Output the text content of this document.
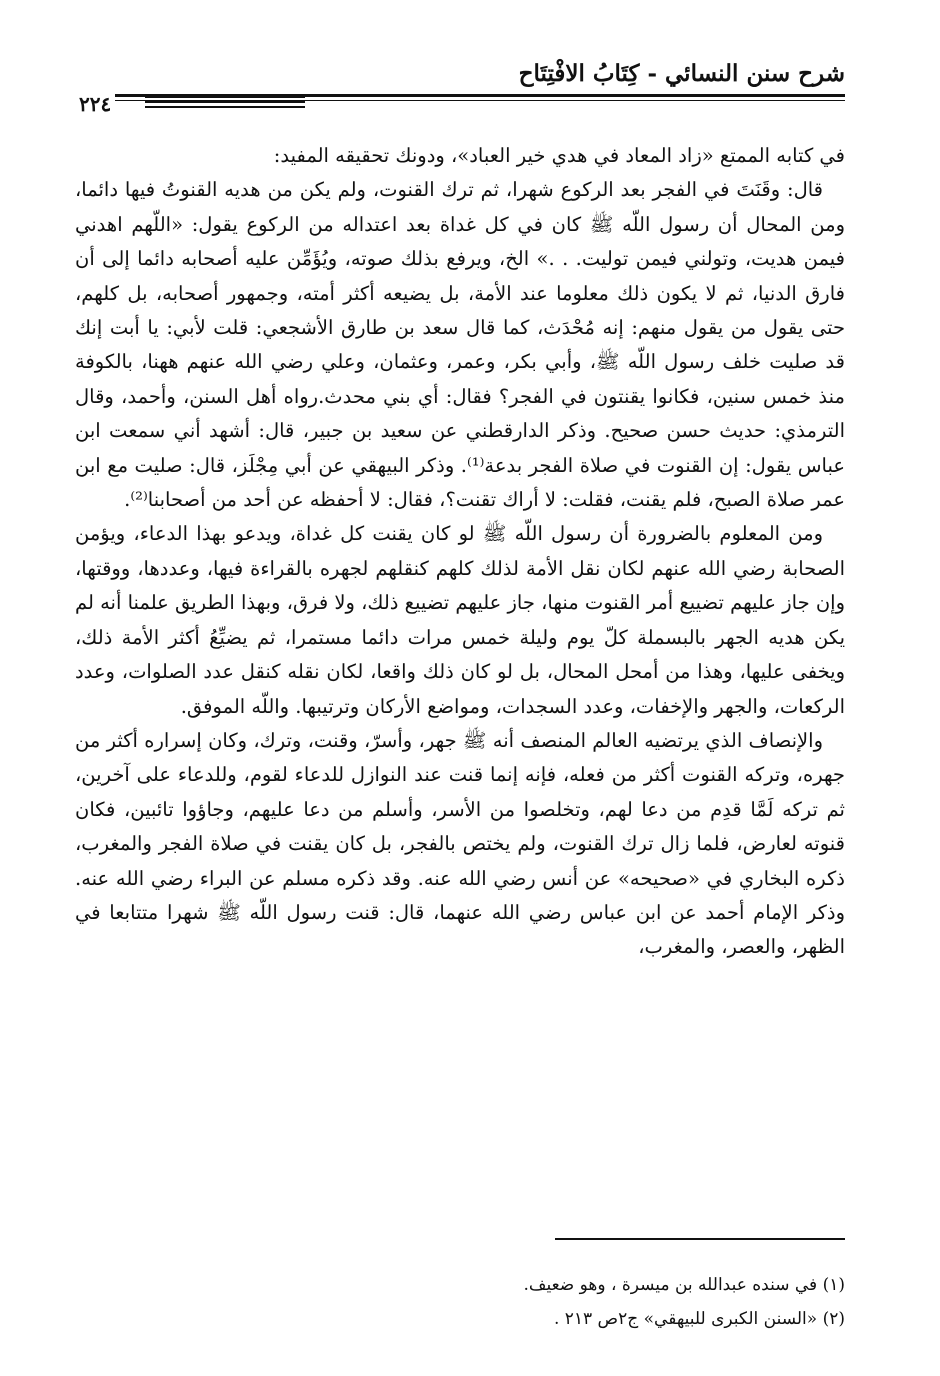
شرح سنن النسائي - كِتَابُ الافْتِتَاح
٢٢٤

في كتابه الممتع «زاد المعاد في هدي خير العباد»، ودونك تحقيقه المفيد:

قال: وقَنَتَ في الفجر بعد الركوع شهرا، ثم ترك القنوت، ولم يكن من هديه القنوتُ فيها دائما، ومن المحال أن رسول اللّه ﷺ كان في كل غداة بعد اعتداله من الركوع يقول: «اللّهم اهدني فيمن هديت، وتولني فيمن توليت. . .» الخ، ويرفع بذلك صوته، ويُؤَمِّن عليه أصحابه دائما إلى أن فارق الدنيا، ثم لا يكون ذلك معلوما عند الأمة، بل يضيعه أكثر أمته، وجمهور أصحابه، بل كلهم، حتى يقول من يقول منهم: إنه مُحْدَث، كما قال سعد بن طارق الأشجعي: قلت لأبي: يا أبت إنك قد صليت خلف رسول اللّه ﷺ، وأبي بكر، وعمر، وعثمان، وعلي رضي الله عنهم ههنا، بالكوفة منذ خمس سنين، فكانوا يقنتون في الفجر؟ فقال: أي بني محدث.رواه أهل السنن، وأحمد، وقال الترمذي: حديث حسن صحيح. وذكر الدارقطني عن سعيد بن جبير، قال: أشهد أني سمعت ابن عباس يقول: إن القنوت في صلاة الفجر بدعة⁽¹⁾. وذكر البيهقي عن أبي مِجْلَز، قال: صليت مع ابن عمر صلاة الصبح، فلم يقنت، فقلت: لا أراك تقنت؟، فقال: لا أحفظه عن أحد من أصحابنا⁽²⁾.

ومن المعلوم بالضرورة أن رسول اللّه ﷺ لو كان يقنت كل غداة، ويدعو بهذا الدعاء، ويؤمن الصحابة رضي الله عنهم لكان نقل الأمة لذلك كلهم كنقلهم لجهره بالقراءة فيها، وعددها، ووقتها، وإن جاز عليهم تضييع أمر القنوت منها، جاز عليهم تضييع ذلك، ولا فرق، وبهذا الطريق علمنا أنه لم يكن هديه الجهر بالبسملة كلّ يوم وليلة خمس مرات دائما مستمرا، ثم يضيِّعُ أكثر الأمة ذلك، ويخفى عليها، وهذا من أمحل المحال، بل لو كان ذلك واقعا، لكان نقله كنقل عدد الصلوات، وعدد الركعات، والجهر والإخفات، وعدد السجدات، ومواضع الأركان وترتيبها. واللّه الموفق.

والإنصاف الذي يرتضيه العالم المنصف أنه ﷺ جهر، وأسرّ، وقنت، وترك، وكان إسراره أكثر من جهره، وتركه القنوت أكثر من فعله، فإنه إنما قنت عند النوازل للدعاء لقوم، وللدعاء على آخرين، ثم تركه لَمَّا قدِم من دعا لهم، وتخلصوا من الأسر، وأسلم من دعا عليهم، وجاؤوا تائبين، فكان قنوته لعارض، فلما زال ترك القنوت، ولم يختص بالفجر، بل كان يقنت في صلاة الفجر والمغرب، ذكره البخاري في «صحيحه» عن أنس رضي الله عنه. وقد ذكره مسلم عن البراء رضي الله عنه. وذكر الإمام أحمد عن ابن عباس رضي الله عنهما، قال: قنت رسول اللّه ﷺ شهرا متتابعا في الظهر، والعصر، والمغرب،

(١) في سنده عبدالله بن ميسرة ، وهو ضعيف.

(٢) «السنن الكبرى للبيهقي» ج٢ص ٢١٣ .
